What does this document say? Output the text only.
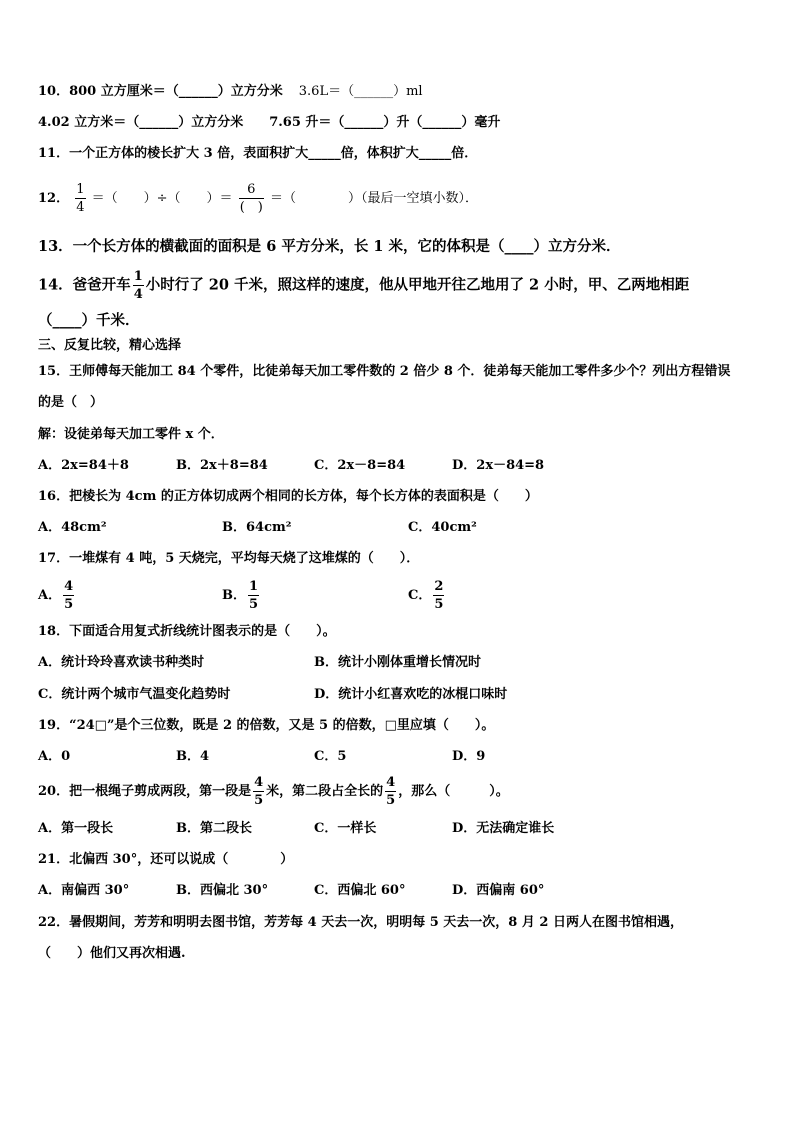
10．800 立方厘米＝（______）立方分米 3.6L＝（______）ml
4.02 立方米＝（______）立方分米 7.65 升＝（______）升（______）毫升
11．一个正方体的棱长扩大 3 倍，表面积扩大_____倍，体积扩大_____倍．
12． $\frac{1}{4}$ ＝（　　）÷（　　）＝ $\frac{6}{( )}$ ＝（　　　　）（最后一空填小数）．
13．一个长方体的横截面的面积是 6 平方分米，长 1 米，它的体积是（____）立方分米．
14．爸爸开车 $\frac{1}{4}$ 小时行了 20 千米，照这样的速度，他从甲地开往乙地用了 2 小时，甲、乙两地相距
（____）千米．
三、反复比较，精心选择
15．王师傅每天能加工 84 个零件，比徒弟每天加工零件数的 2 倍少 8 个．徒弟每天能加工零件多少个？列出方程错误
的是（　）
解：设徒弟每天加工零件 x 个．
A．2x=84＋8	B．2x＋8=84	C．2x－8=84	D．2x－84=8
16．把棱长为 4cm 的正方体切成两个相同的长方体，每个长方体的表面积是（　　）
A．48cm²	B．64cm²	C．40cm²
17．一堆煤有 4 吨，5 天烧完，平均每天烧了这堆煤的（　　）．
A． $\frac{4}{5}$	B． $\frac{1}{5}$	C． $\frac{2}{5}$
18．下面适合用复式折线统计图表示的是（　　）。
A．统计玲玲喜欢读书种类时	B．统计小刚体重增长情况时
C．统计两个城市气温变化趋势时	D．统计小红喜欢吃的冰棍口味时
19．“24□”是个三位数，既是 2 的倍数，又是 5 的倍数，□里应填（　　）。
A．0	B．4	C．5	D．9
20．把一根绳子剪成两段，第一段是 $\frac{4}{5}$ 米，第二段占全长的 $\frac{4}{5}$ ，那么（　　　）。
A．第一段长	B．第二段长	C．一样长	D．无法确定谁长
21．北偏西 30°，还可以说成（　　　　）
A．南偏西 30°	B．西偏北 30°	C．西偏北 60°	D．西偏南 60°
22．暑假期间，芳芳和明明去图书馆，芳芳每 4 天去一次，明明每 5 天去一次，8 月 2 日两人在图书馆相遇，
（　　）他们又再次相遇.
